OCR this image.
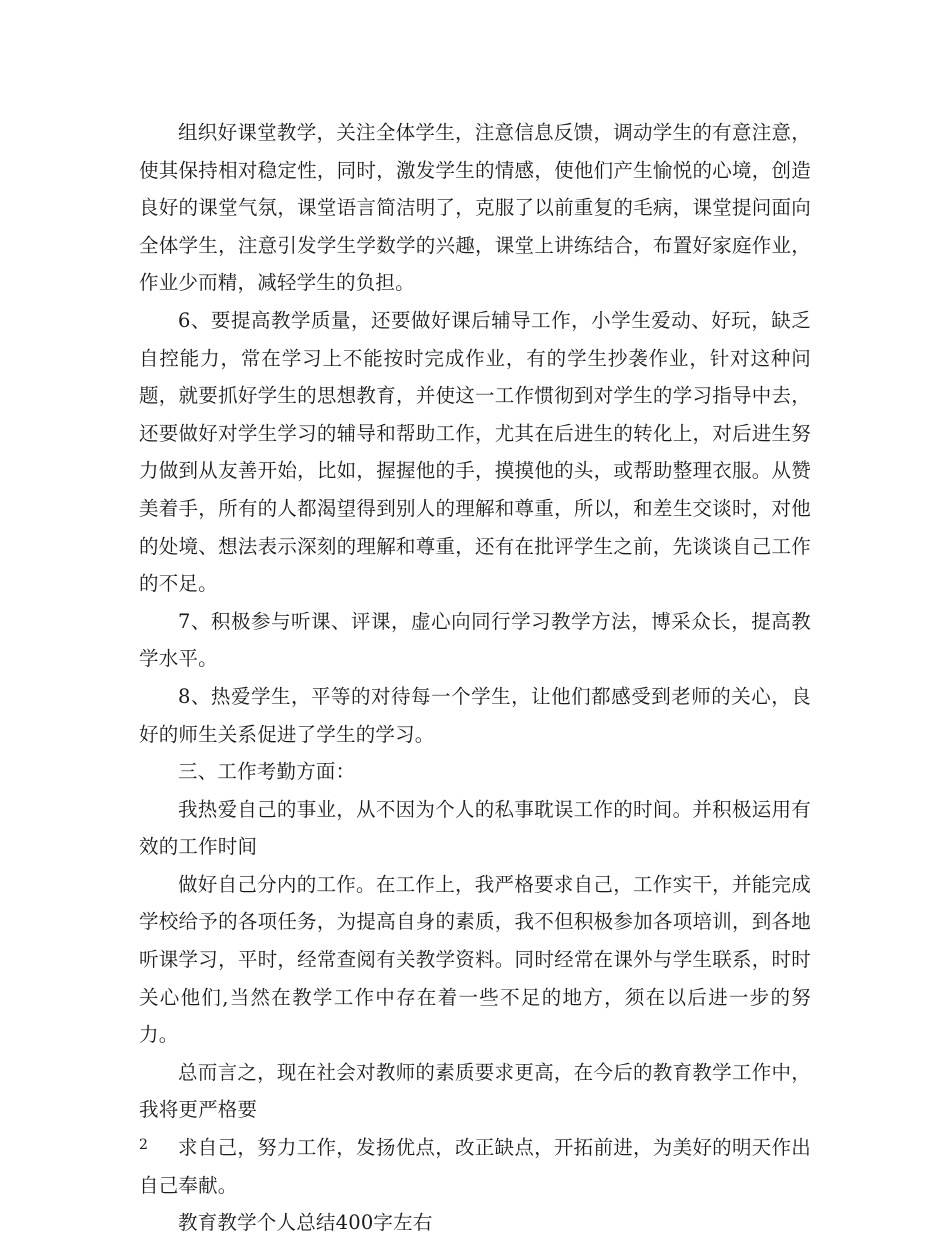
组织好课堂教学，关注全体学生，注意信息反馈，调动学生的有意注意，使其保持相对稳定性，同时，激发学生的情感，使他们产生愉悦的心境，创造良好的课堂气氛，课堂语言简洁明了，克服了以前重复的毛病，课堂提问面向全体学生，注意引发学生学数学的兴趣，课堂上讲练结合，布置好家庭作业，作业少而精，减轻学生的负担。

6、要提高教学质量，还要做好课后辅导工作，小学生爱动、好玩，缺乏自控能力，常在学习上不能按时完成作业，有的学生抄袭作业，针对这种问题，就要抓好学生的思想教育，并使这一工作惯彻到对学生的学习指导中去，还要做好对学生学习的辅导和帮助工作，尤其在后进生的转化上，对后进生努力做到从友善开始，比如，握握他的手，摸摸他的头，或帮助整理衣服。从赞美着手，所有的人都渴望得到别人的理解和尊重，所以，和差生交谈时，对他的处境、想法表示深刻的理解和尊重，还有在批评学生之前，先谈谈自己工作的不足。

7、积极参与听课、评课，虚心向同行学习教学方法，博采众长，提高教学水平。

8、热爱学生，平等的对待每一个学生，让他们都感受到老师的关心，良好的师生关系促进了学生的学习。

三、工作考勤方面：

我热爱自己的事业，从不因为个人的私事耽误工作的时间。并积极运用有效的工作时间

做好自己分内的工作。在工作上，我严格要求自己，工作实干，并能完成学校给予的各项任务，为提高自身的素质，我不但积极参加各项培训，到各地听课学习，平时，经常查阅有关教学资料。同时经常在课外与学生联系，时时关心他们,当然在教学工作中存在着一些不足的地方，须在以后进一步的努力。

总而言之，现在社会对教师的素质要求更高，在今后的教育教学工作中，我将更严格要

求自己，努力工作，发扬优点，改正缺点，开拓前进，为美好的明天作出自己奉献。

教育教学个人总结400字左右

2
